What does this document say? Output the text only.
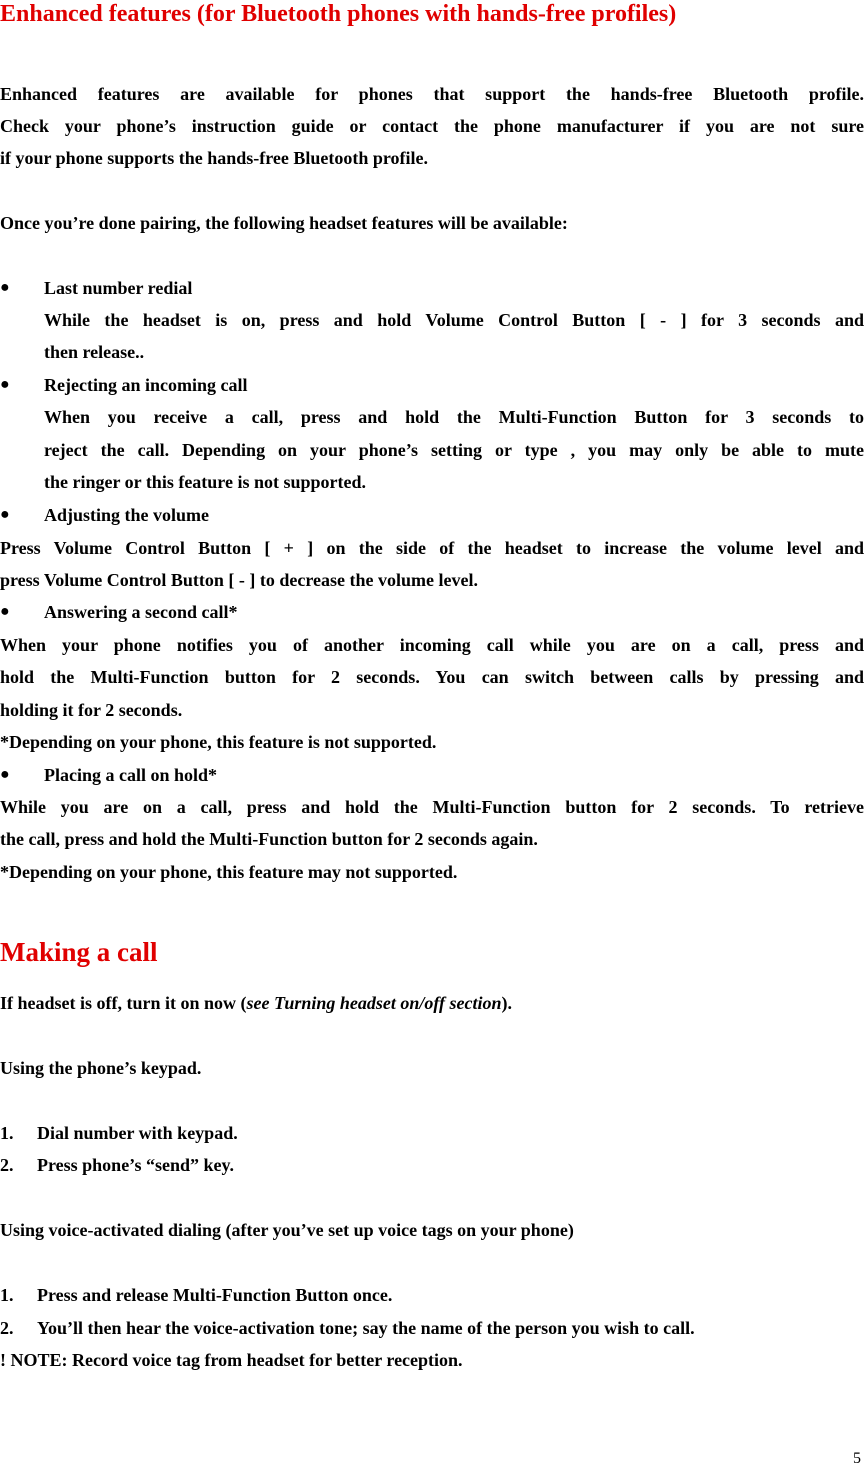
Enhanced features (for Bluetooth phones with hands-free profiles)
Enhanced features are available for phones that support the hands-free Bluetooth profile.
Check your phone’s instruction guide or contact the phone manufacturer if you are not sure
if your phone supports the hands-free Bluetooth profile.
Once you’re done pairing, the following headset features will be available:
●	Last number redial
While the headset is on, press and hold Volume Control Button [ - ] for 3 seconds and
then release..
●	Rejecting an incoming call
When you receive a call, press and hold the Multi-Function Button for 3 seconds to
reject the call. Depending on your phone’s setting or type , you may only be able to mute
the ringer or this feature is not supported.
●	Adjusting the volume
Press Volume Control Button [ + ] on the side of the headset to increase the volume level and
press Volume Control Button [ - ] to decrease the volume level.
●	Answering a second call*
When your phone notifies you of another incoming call while you are on a call, press and
hold the Multi-Function button for 2 seconds. You can switch between calls by pressing and
holding it for 2 seconds.
*Depending on your phone, this feature is not supported.
●	Placing a call on hold*
While you are on a call, press and hold the Multi-Function button for 2 seconds. To retrieve
the call, press and hold the Multi-Function button for 2 seconds again.
*Depending on your phone, this feature may not supported.
Making a call
If headset is off, turn it on now (see Turning headset on/off section).
Using the phone’s keypad.
1. Dial number with keypad.
2. Press phone’s “send” key.
Using voice-activated dialing (after you’ve set up voice tags on your phone)
1. Press and release Multi-Function Button once.
2. You’ll then hear the voice-activation tone; say the name of the person you wish to call.
! NOTE: Record voice tag from headset for better reception.
5
